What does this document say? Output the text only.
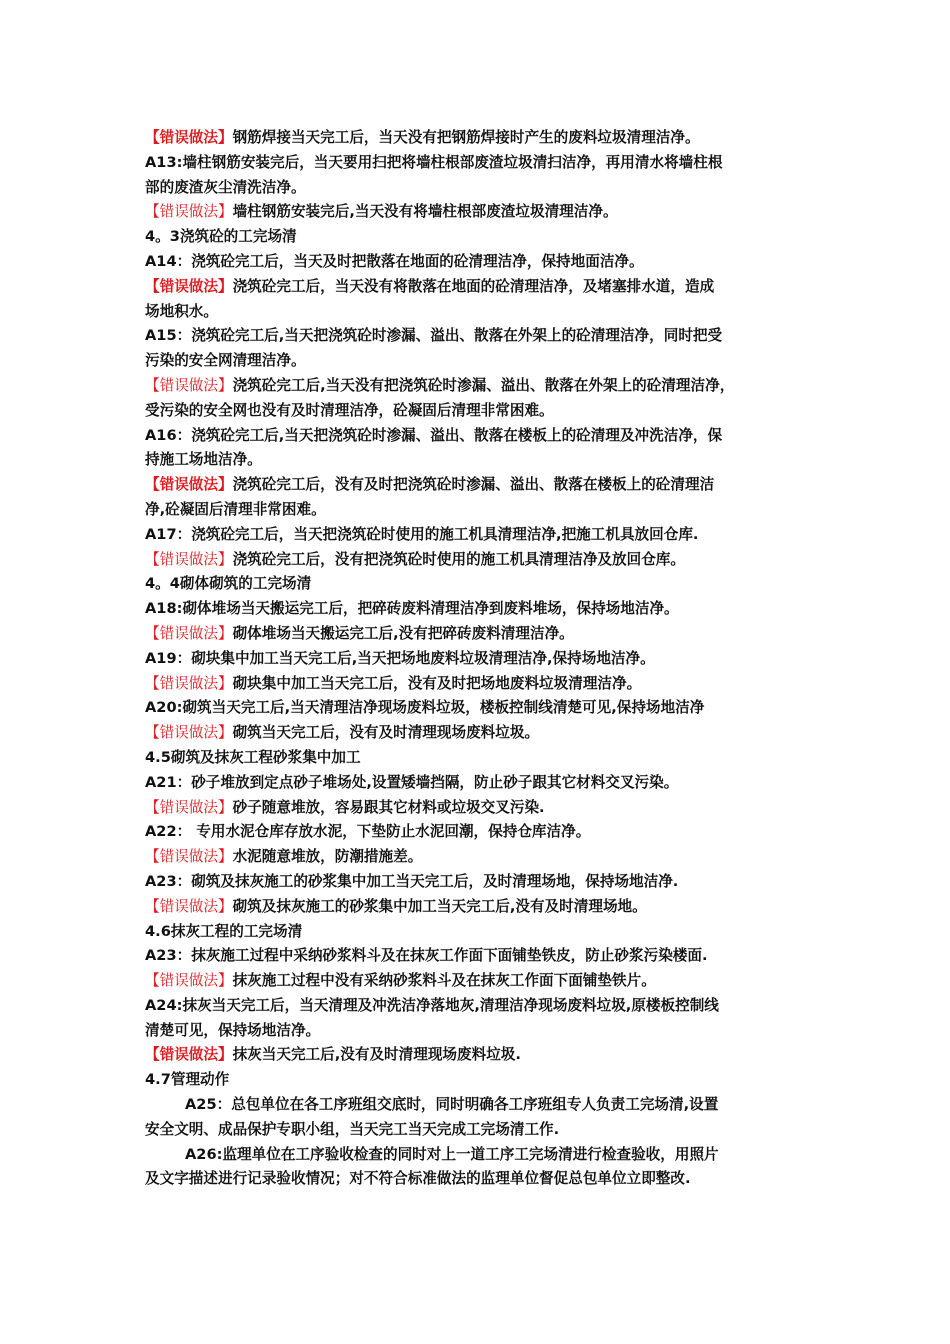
【错误做法】钢筋焊接当天完工后，当天没有把钢筋焊接时产生的废料垃圾清理洁净。
A13:墙柱钢筋安装完后，当天要用扫把将墙柱根部废渣垃圾清扫洁净，再用清水将墙柱根
部的废渣灰尘清洗洁净。
【错误做法】墙柱钢筋安装完后,当天没有将墙柱根部废渣垃圾清理洁净。
4。3浇筑砼的工完场清
A14：浇筑砼完工后，当天及时把散落在地面的砼清理洁净，保持地面洁净。
【错误做法】浇筑砼完工后，当天没有将散落在地面的砼清理洁净，及堵塞排水道，造成
场地积水。
A15：浇筑砼完工后,当天把浇筑砼时渗漏、溢出、散落在外架上的砼清理洁净，同时把受
污染的安全网清理洁净。
【错误做法】浇筑砼完工后,当天没有把浇筑砼时渗漏、溢出、散落在外架上的砼清理洁净，
受污染的安全网也没有及时清理洁净，砼凝固后清理非常困难。
A16：浇筑砼完工后,当天把浇筑砼时渗漏、溢出、散落在楼板上的砼清理及冲洗洁净，保
持施工场地洁净。
【错误做法】浇筑砼完工后，没有及时把浇筑砼时渗漏、溢出、散落在楼板上的砼清理洁
净,砼凝固后清理非常困难。
A17：浇筑砼完工后，当天把浇筑砼时使用的施工机具清理洁净,把施工机具放回仓库.
【错误做法】浇筑砼完工后，没有把浇筑砼时使用的施工机具清理洁净及放回仓库。
4。4砌体砌筑的工完场清
A18:砌体堆场当天搬运完工后，把碎砖废料清理洁净到废料堆场，保持场地洁净。
【错误做法】砌体堆场当天搬运完工后,没有把碎砖废料清理洁净。
A19：砌块集中加工当天完工后,当天把场地废料垃圾清理洁净,保持场地洁净。
【错误做法】砌块集中加工当天完工后，没有及时把场地废料垃圾清理洁净。
A20:砌筑当天完工后,当天清理洁净现场废料垃圾，楼板控制线清楚可见,保持场地洁净
【错误做法】砌筑当天完工后，没有及时清理现场废料垃圾。
4.5砌筑及抹灰工程砂浆集中加工
A21：砂子堆放到定点砂子堆场处,设置矮墙挡隔，防止砂子跟其它材料交叉污染。
【错误做法】砂子随意堆放，容易跟其它材料或垃圾交叉污染.
A22： 专用水泥仓库存放水泥，下垫防止水泥回潮，保持仓库洁净。
【错误做法】水泥随意堆放，防潮措施差。
A23：砌筑及抹灰施工的砂浆集中加工当天完工后，及时清理场地，保持场地洁净.
【错误做法】砌筑及抹灰施工的砂浆集中加工当天完工后,没有及时清理场地。
4.6抹灰工程的工完场清
A23：抹灰施工过程中采纳砂浆料斗及在抹灰工作面下面铺垫铁皮，防止砂浆污染楼面.
【错误做法】抹灰施工过程中没有采纳砂浆料斗及在抹灰工作面下面铺垫铁片。
A24:抹灰当天完工后，当天清理及冲洗洁净落地灰,清理洁净现场废料垃圾,原楼板控制线
清楚可见，保持场地洁净。
【错误做法】抹灰当天完工后,没有及时清理现场废料垃圾.
4.7管理动作
A25：总包单位在各工序班组交底时，同时明确各工序班组专人负责工完场清,设置
安全文明、成品保护专职小组，当天完工当天完成工完场清工作.
A26:监理单位在工序验收检查的同时对上一道工序工完场清进行检查验收，用照片
及文字描述进行记录验收情况；对不符合标准做法的监理单位督促总包单位立即整改.
